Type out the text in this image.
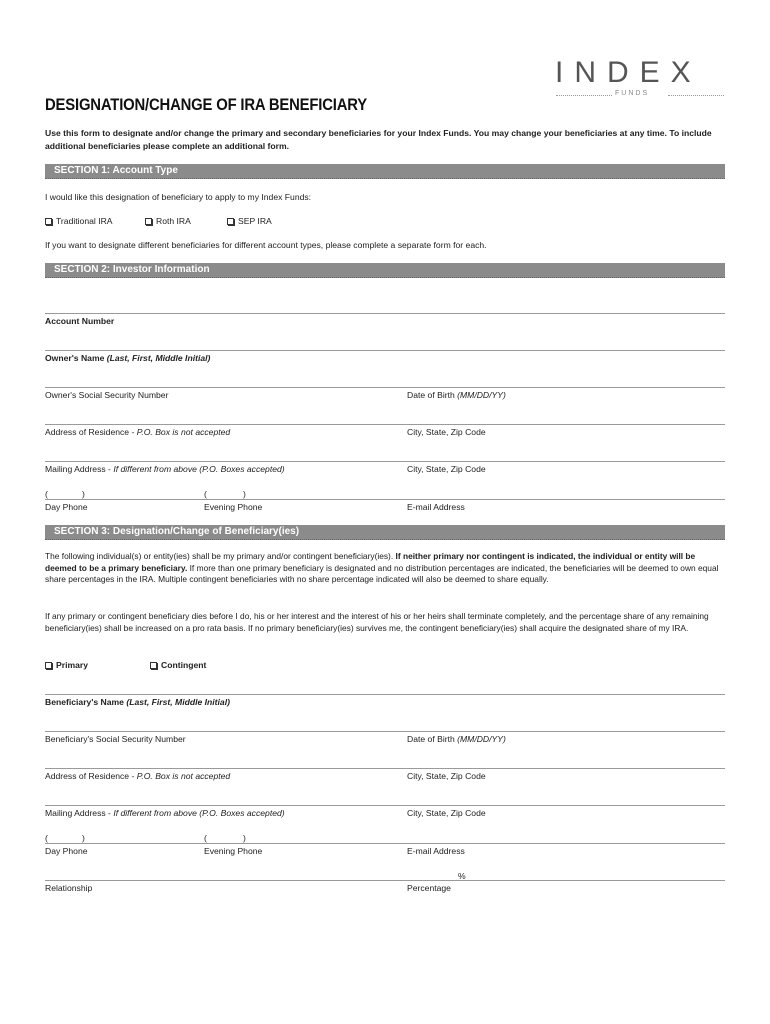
INDEX
FUNDS
DESIGNATION/CHANGE OF IRA BENEFICIARY
Use this form to designate and/or change the primary and secondary beneficiaries for your Index Funds. You may change your beneficiaries at any time. To include additional beneficiaries please complete an additional form.
SECTION 1: Account Type
I would like this designation of beneficiary to apply to my Index Funds:
Traditional IRA	Roth IRA	SEP IRA
If you want to designate different beneficiaries for different account types, please complete a separate form for each.
SECTION 2: Investor Information
Account Number
Owner's Name (Last, First, Middle Initial)
Owner's Social Security Number	Date of Birth (MM/DD/YY)
Address of Residence - P.O. Box is not accepted	City, State, Zip Code
Mailing Address - If different from above (P.O. Boxes accepted)	City, State, Zip Code
(	)	(	)
Day Phone	Evening Phone	E-mail Address
SECTION 3: Designation/Change of Beneficiary(ies)
The following individual(s) or entity(ies) shall be my primary and/or contingent beneficiary(ies). If neither primary nor contingent is indicated, the individual or entity will be deemed to be a primary beneficiary. If more than one primary beneficiary is designated and no distribution percentages are indicated, the beneficiaries will be deemed to own equal share percentages in the IRA. Multiple contingent beneficiaries with no share percentage indicated will also be deemed to share equally.
If any primary or contingent beneficiary dies before I do, his or her interest and the interest of his or her heirs shall terminate completely, and the percentage share of any remaining beneficiary(ies) shall be increased on a pro rata basis. If no primary beneficiary(ies) survives me, the contingent beneficiary(ies) shall acquire the designated share of my IRA.
Primary	Contingent
Beneficiary's Name (Last, First, Middle Initial)
Beneficiary's Social Security Number	Date of Birth (MM/DD/YY)
Address of Residence - P.O. Box is not accepted	City, State, Zip Code
Mailing Address - If different from above (P.O. Boxes accepted)	City, State, Zip Code
(	)	(	)
Day Phone	Evening Phone	E-mail Address
%
Relationship	Percentage
